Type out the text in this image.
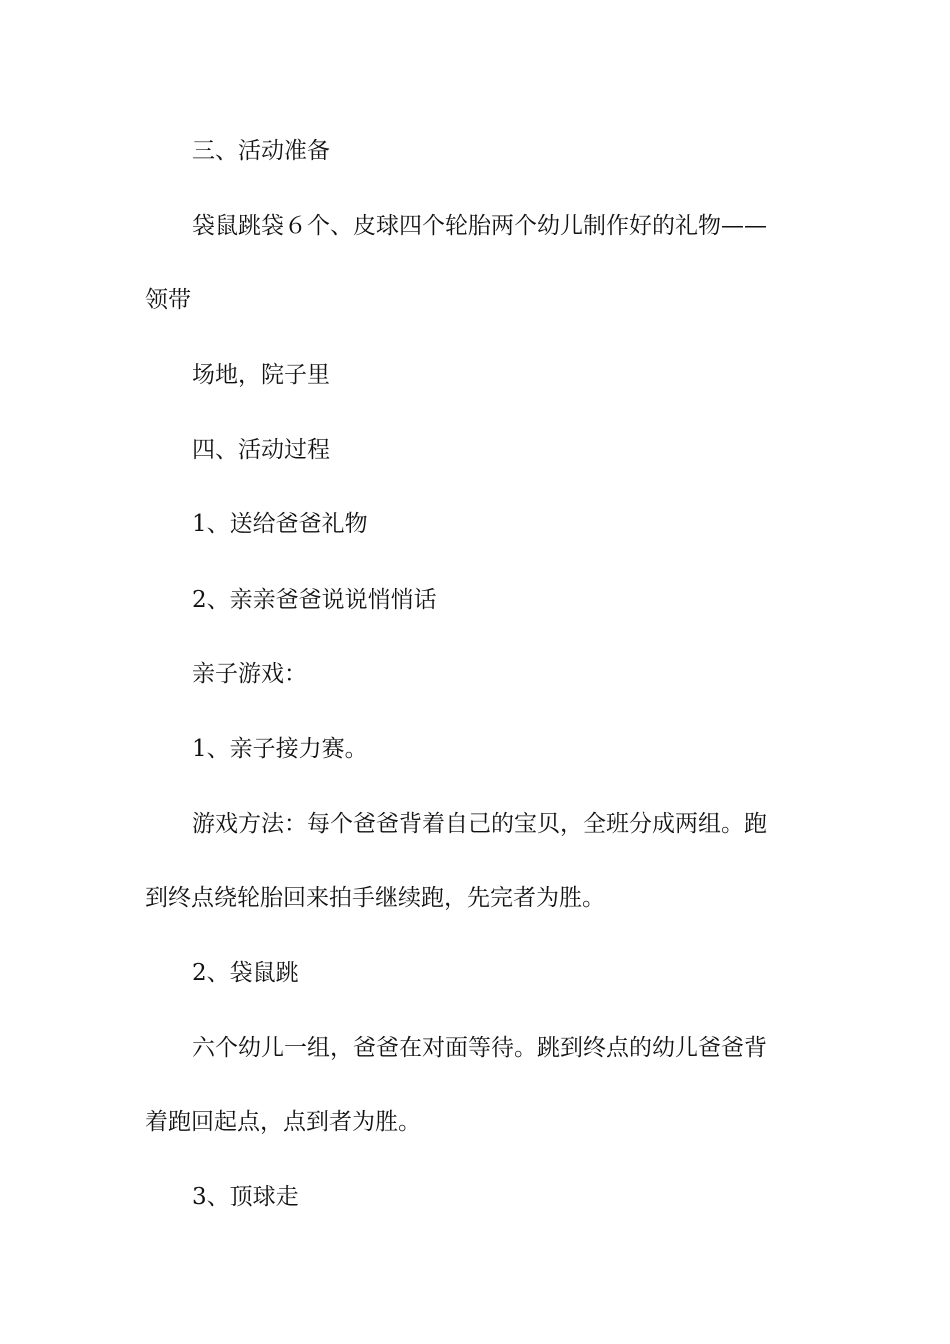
三、活动准备
袋鼠跳袋６个、皮球四个轮胎两个幼儿制作好的礼物——
领带
场地，院子里
四、活动过程
1、送给爸爸礼物
2、亲亲爸爸说说悄悄话
亲子游戏：
1、亲子接力赛。
游戏方法：每个爸爸背着自己的宝贝，全班分成两组。跑
到终点绕轮胎回来拍手继续跑，先完者为胜。
2、袋鼠跳
六个幼儿一组，爸爸在对面等待。跳到终点的幼儿爸爸背
着跑回起点，点到者为胜。
3、顶球走
